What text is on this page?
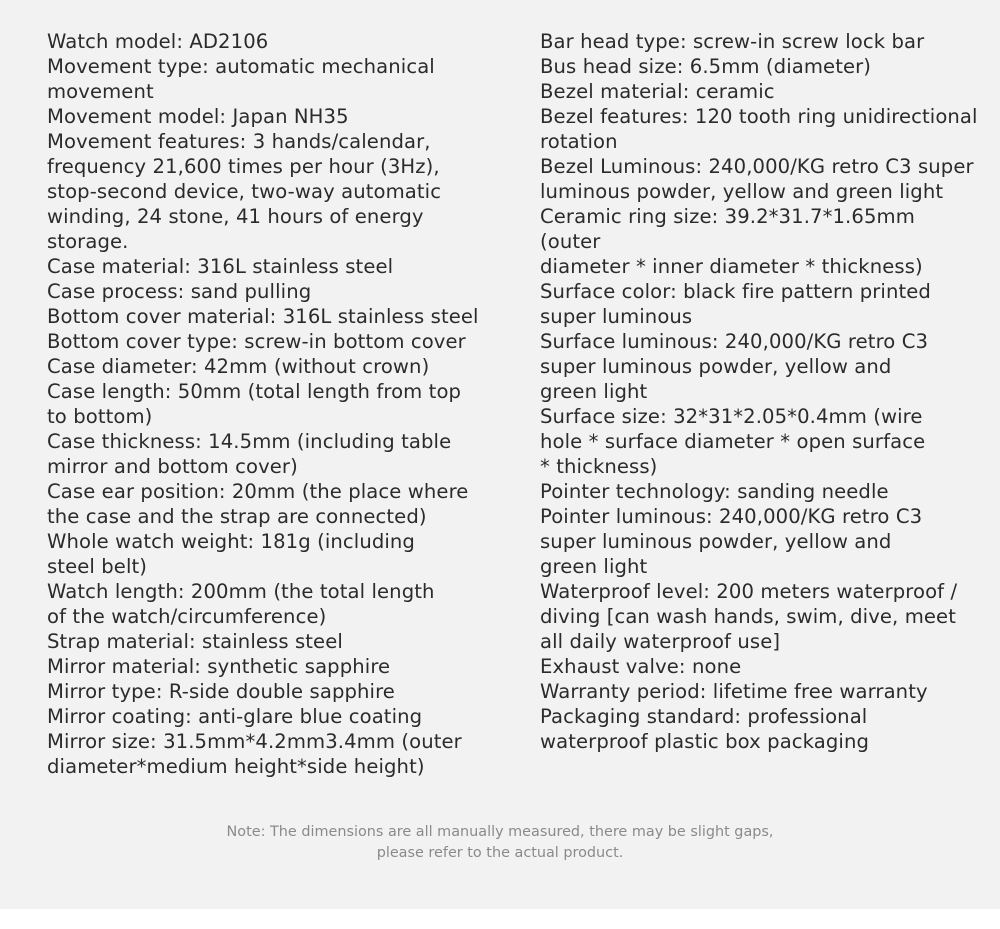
Watch model: AD2106
Movement type: automatic mechanical
movement
Movement model: Japan NH35
Movement features: 3 hands/calendar,
frequency 21,600 times per hour (3Hz),
stop-second device, two-way automatic
winding, 24 stone, 41 hours of energy
storage.
Case material: 316L stainless steel
Case process: sand pulling
Bottom cover material: 316L stainless steel
Bottom cover type: screw-in bottom cover
Case diameter: 42mm (without crown)
Case length: 50mm (total length from top
to bottom)
Case thickness: 14.5mm (including table
mirror and bottom cover)
Case ear position: 20mm (the place where
the case and the strap are connected)
Whole watch weight: 181g (including
steel belt)
Watch length: 200mm (the total length
of the watch/circumference)
Strap material: stainless steel
Mirror material: synthetic sapphire
Mirror type: R-side double sapphire
Mirror coating: anti-glare blue coating
Mirror size: 31.5mm*4.2mm3.4mm (outer
diameter*medium height*side height)
Bar head type: screw-in screw lock bar
Bus head size: 6.5mm (diameter)
Bezel material: ceramic
Bezel features: 120 tooth ring unidirectional
rotation
Bezel Luminous: 240,000/KG retro C3 super
luminous powder, yellow and green light
Ceramic ring size: 39.2*31.7*1.65mm (outer
diameter * inner diameter * thickness)
Surface color: black fire pattern printed
super luminous
Surface luminous: 240,000/KG retro C3
super luminous powder, yellow and
green light
Surface size: 32*31*2.05*0.4mm (wire
hole * surface diameter * open surface
* thickness)
Pointer technology: sanding needle
Pointer luminous: 240,000/KG retro C3
super luminous powder, yellow and
green light
Waterproof level: 200 meters waterproof /
diving [can wash hands, swim, dive, meet
all daily waterproof use]
Exhaust valve: none
Warranty period: lifetime free warranty
Packaging standard: professional
waterproof plastic box packaging

Note: The dimensions are all manually measured, there may be slight gaps,

please refer to the actual product.
